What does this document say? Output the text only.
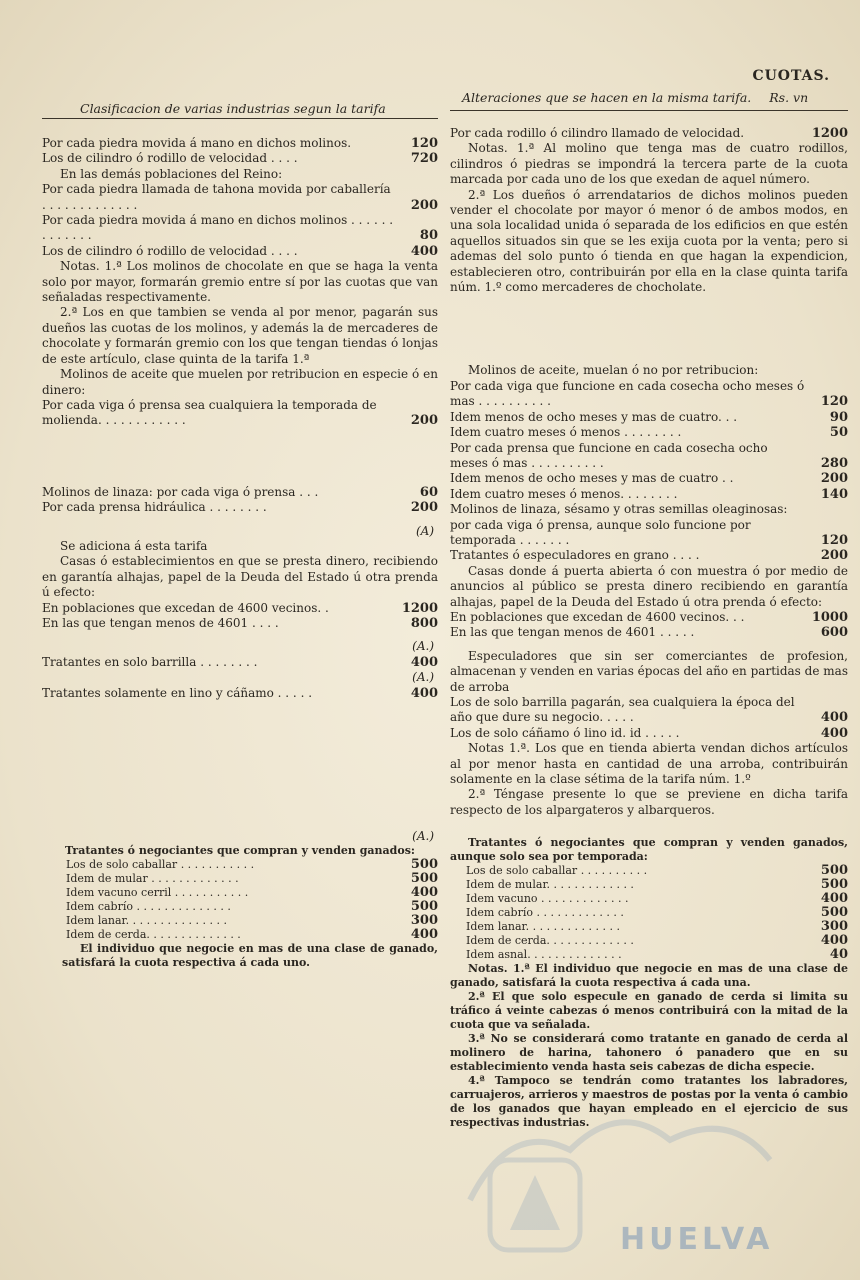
CUOTAS.
Clasificacion de varias industrias segun la tarifa
Alteraciones que se hacen en la misma tarifa. Rs. vn
Por cada piedra movida á mano en dichos molinos.	120
Los de cilindro ó rodillo de velocidad . . . .	720
En las demás poblaciones del Reino:
Por cada piedra llamada de tahona movida por caballería . . . . . . . . . . . . .	200
Por cada piedra movida á mano en dichos molinos . . . . . . . . . . . . .	80
Los de cilindro ó rodillo de velocidad . . . .	400
Notas. 1.ª Los molinos de chocolate en que se haga la venta solo por mayor, formarán gremio entre sí por las cuotas que van señaladas respectivamente.
2.ª Los en que tambien se venda al por menor, pagarán sus dueños las cuotas de los molinos, y además la de mercaderes de chocolate y formarán gremio con los que tengan tiendas ó lonjas de este artículo, clase quinta de la tarifa 1.ª
Molinos de aceite que muelen por retribucion en especie ó en dinero:
Por cada viga ó prensa sea cualquiera la temporada de molienda. . . . . . . . . . . .	200
Molinos de linaza: por cada viga ó prensa . . .	60
Por cada prensa hidráulica . . . . . . . .	200
(A)
Se adiciona á esta tarifa
Casas ó establecimientos en que se presta dinero, recibiendo en garantía alhajas, papel de la Deuda del Estado ú otra prenda ú efecto:
En poblaciones que excedan de 4600 vecinos. .	1200
En las que tengan menos de 4601 . . . .	800
(A.)
Tratantes en solo barrilla . . . . . . . .	400
(A.)
Tratantes solamente en lino y cáñamo . . . . .	400
(A.)
Tratantes ó negociantes que compran y venden ganados:
Los de solo caballar . . . . . . . . . . .	500
Idem de mular . . . . . . . . . . . . .	500
Idem vacuno cerril . . . . . . . . . . .	400
Idem cabrío . . . . . . . . . . . . . .	500
Idem lanar. . . . . . . . . . . . . . .	300
Idem de cerda. . . . . . . . . . . . . .	400
El individuo que negocie en mas de una clase de ganado, satisfará la cuota respectiva á cada uno.
Por cada rodillo ó cilindro llamado de velocidad.	1200
Notas. 1.ª Al molino que tenga mas de cuatro rodillos, cilindros ó piedras se impondrá la tercera parte de la cuota marcada por cada uno de los que exedan de aquel número.
2.ª Los dueños ó arrendatarios de dichos molinos pueden vender el chocolate por mayor ó menor ó de ambos modos, en una sola localidad unida ó separada de los edificios en que estén aquellos situados sin que se les exija cuota por la venta; pero si ademas del solo punto ó tienda en que hagan la expendicion, establecieren otro, contribuirán por ella en la clase quinta tarifa núm. 1.º como mercaderes de chocholate.
Molinos de aceite, muelan ó no por retribucion:
Por cada viga que funcione en cada cosecha ocho meses ó mas . . . . . . . . . .	120
Idem menos de ocho meses y mas de cuatro. . .	90
Idem cuatro meses ó menos . . . . . . . .	50
Por cada prensa que funcione en cada cosecha ocho meses ó mas . . . . . . . . . .	280
Idem menos de ocho meses y mas de cuatro . .	200
Idem cuatro meses ó menos. . . . . . . .	140
Molinos de linaza, sésamo y otras semillas oleaginosas: por cada viga ó prensa, aunque solo funcione por temporada . . . . . . .	120
Tratantes ó especuladores en grano . . . .	200
Casas donde á puerta abierta ó con muestra ó por medio de anuncios al público se presta dinero recibiendo en garantía alhajas, papel de la Deuda del Estado ú otra prenda ó efecto:
En poblaciones que excedan de 4600 vecinos. . .	1000
En las que tengan menos de 4601 . . . . .	600
Especuladores que sin ser comerciantes de profesion, almacenan y venden en varias épocas del año en partidas de mas de arroba
Los de solo barrilla pagarán, sea cualquiera la época del año que dure su negocio. . . . .	400
Los de solo cáñamo ó lino id. id . . . . .	400
Notas 1.ª. Los que en tienda abierta vendan dichos artículos al por menor hasta en cantidad de una arroba, contribuirán solamente en la clase sétima de la tarifa núm. 1.º
2.ª Téngase presente lo que se previene en dicha tarifa respecto de los alpargateros y albarqueros.
Tratantes ó negociantes que compran y venden ganados, aunque solo sea por temporada:
Los de solo caballar . . . . . . . . . .	500
Idem de mular. . . . . . . . . . . . .	500
Idem vacuno . . . . . . . . . . . . .	400
Idem cabrío . . . . . . . . . . . . .	500
Idem lanar. . . . . . . . . . . . . .	300
Idem de cerda. . . . . . . . . . . . .	400
Idem asnal. . . . . . . . . . . . . .	40
Notas. 1.ª El individuo que negocie en mas de una clase de ganado, satisfará la cuota respectiva á cada una.
2.ª El que solo especule en ganado de cerda si limita su tráfico á veinte cabezas ó menos contribuirá con la mitad de la cuota que va señalada.
3.ª No se considerará como tratante en ganado de cerda al molinero de harina, tahonero ó panadero que en su establecimiento venda hasta seis cabezas de dicha especie.
4.ª Tampoco se tendrán como tratantes los labradores, carruajeros, arrieros y maestros de postas por la venta ó cambio de los ganados que hayan empleado en el ejercicio de sus respectivas industrias.
HUELVA
